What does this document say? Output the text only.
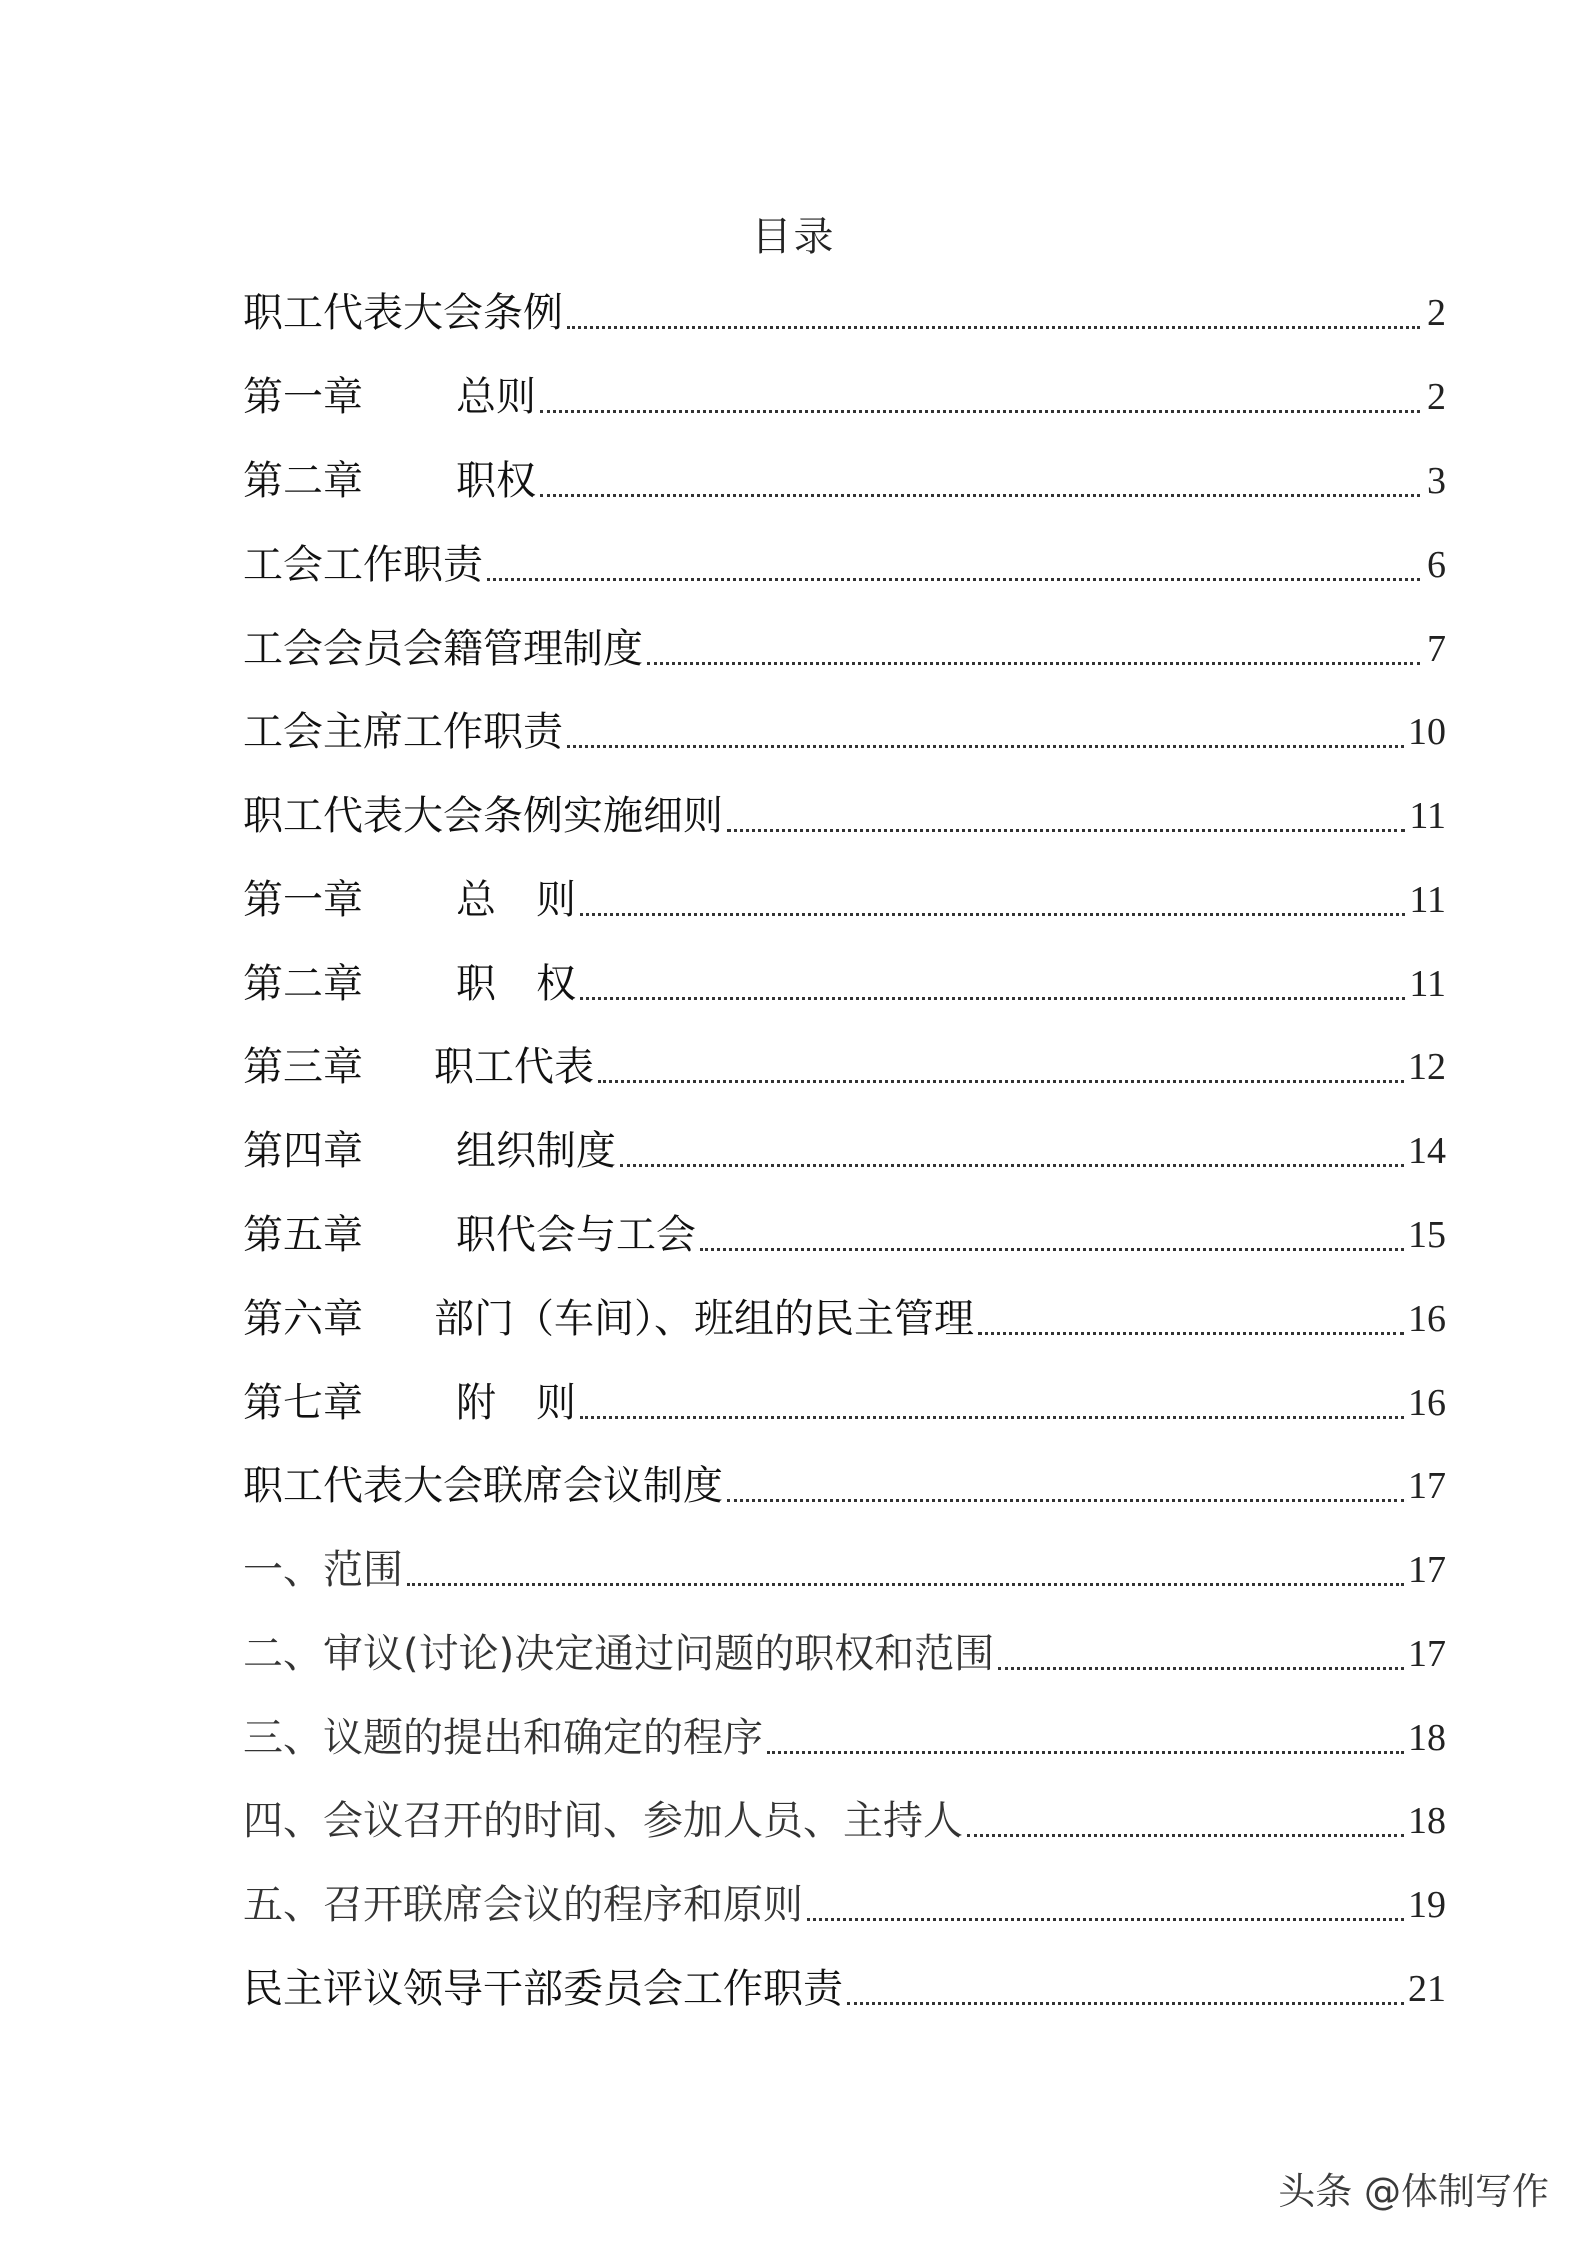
目录
职工代表大会条例	2
第一章	总则	2
第二章	职权	3
工会工作职责	6
工会会员会籍管理制度	7
工会主席工作职责	10
职工代表大会条例实施细则	11
第一章	总　则	11
第二章	职　权	11
第三章	职工代表	12
第四章	组织制度	14
第五章	职代会与工会	15
第六章	部门（车间）、班组的民主管理	16
第七章	附　则	16
职工代表大会联席会议制度	17
一、范围	17
二、审议(讨论)决定通过问题的职权和范围	17
三、议题的提出和确定的程序	18
四、会议召开的时间、参加人员、主持人	18
五、召开联席会议的程序和原则	19
民主评议领导干部委员会工作职责	21
头条 @体制写作
